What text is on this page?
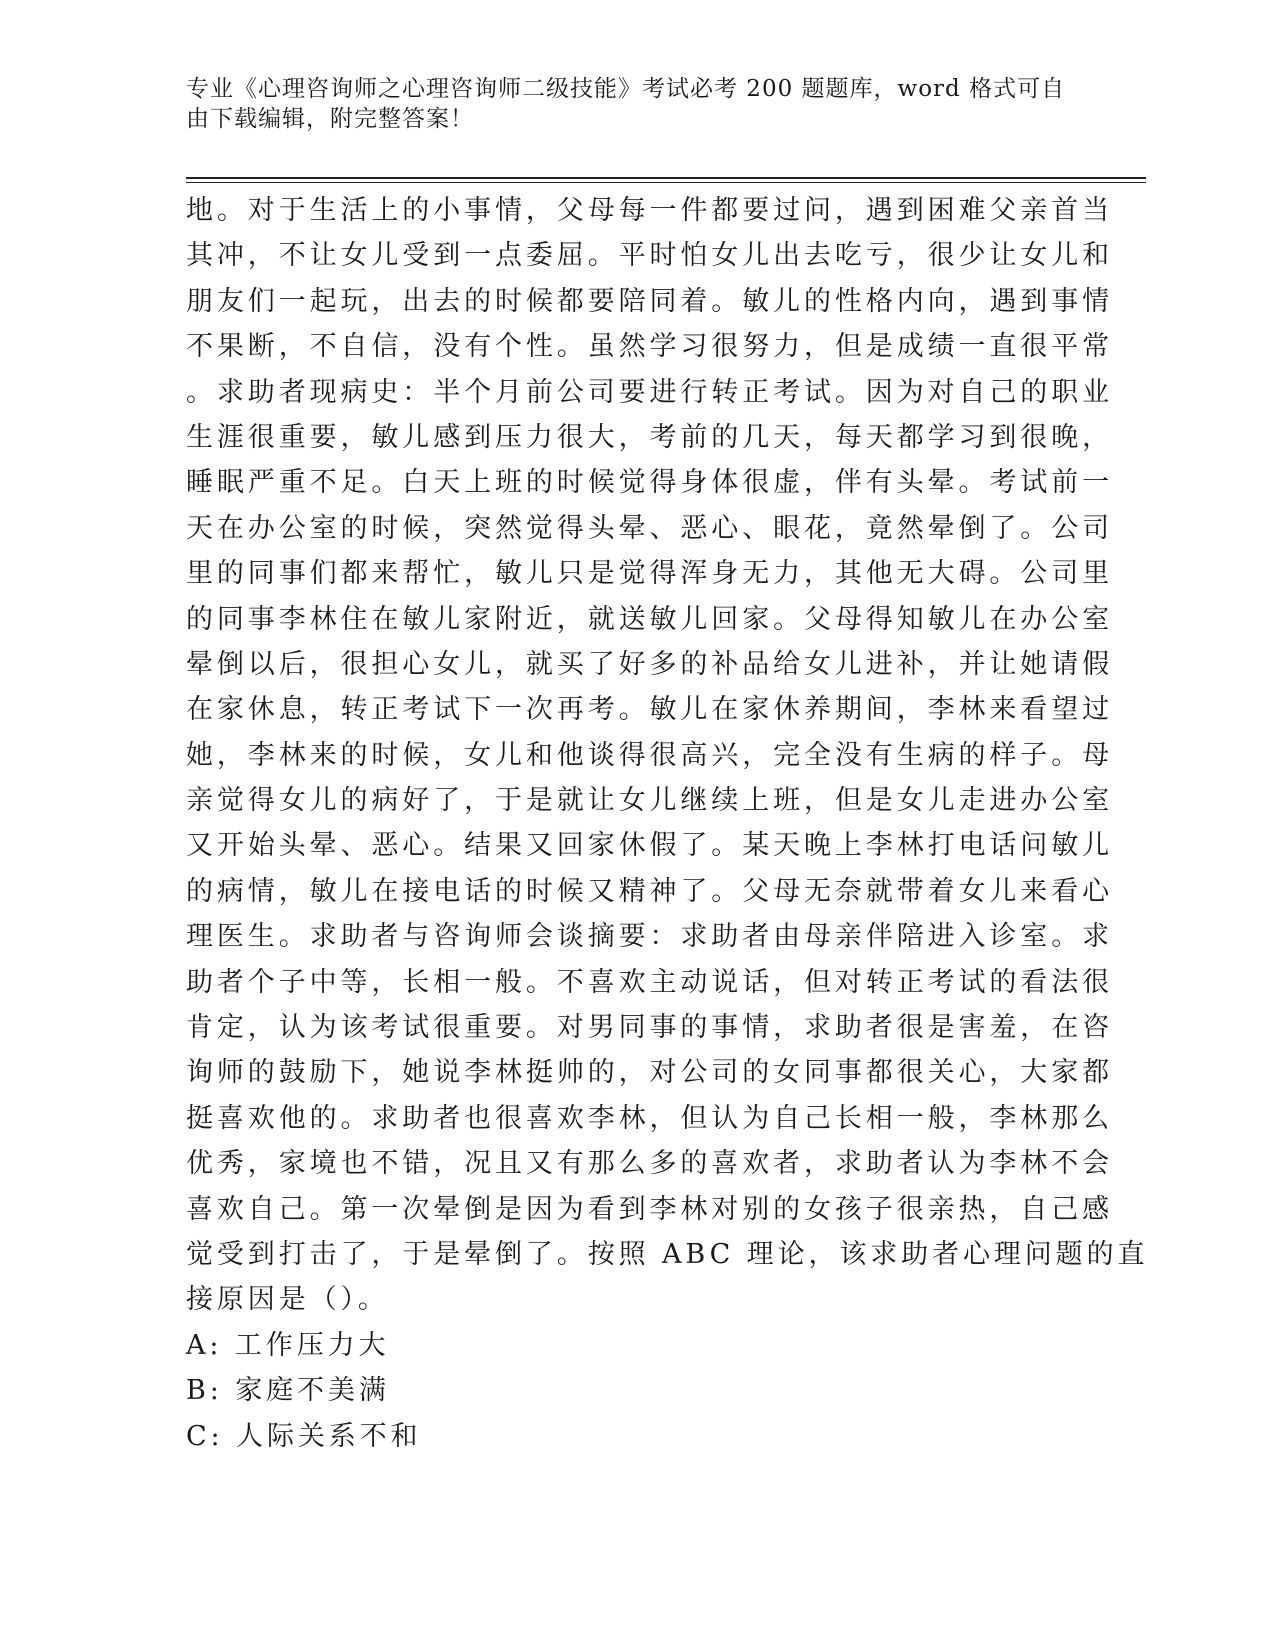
专业《心理咨询师之心理咨询师二级技能》考试必考 200 题题库，word 格式可自
由下载编辑，附完整答案！
地。对于生活上的小事情，父母每一件都要过问，遇到困难父亲首当
其冲，不让女儿受到一点委屈。平时怕女儿出去吃亏，很少让女儿和
朋友们一起玩，出去的时候都要陪同着。敏儿的性格内向，遇到事情
不果断，不自信，没有个性。虽然学习很努力，但是成绩一直很平常
。求助者现病史：半个月前公司要进行转正考试。因为对自己的职业
生涯很重要，敏儿感到压力很大，考前的几天，每天都学习到很晚，
睡眠严重不足。白天上班的时候觉得身体很虚，伴有头晕。考试前一
天在办公室的时候，突然觉得头晕、恶心、眼花，竟然晕倒了。公司
里的同事们都来帮忙，敏儿只是觉得浑身无力，其他无大碍。公司里
的同事李林住在敏儿家附近，就送敏儿回家。父母得知敏儿在办公室
晕倒以后，很担心女儿，就买了好多的补品给女儿进补，并让她请假
在家休息，转正考试下一次再考。敏儿在家休养期间，李林来看望过
她，李林来的时候，女儿和他谈得很高兴，完全没有生病的样子。母
亲觉得女儿的病好了，于是就让女儿继续上班，但是女儿走进办公室
又开始头晕、恶心。结果又回家休假了。某天晚上李林打电话问敏儿
的病情，敏儿在接电话的时候又精神了。父母无奈就带着女儿来看心
理医生。求助者与咨询师会谈摘要：求助者由母亲伴陪进入诊室。求
助者个子中等，长相一般。不喜欢主动说话，但对转正考试的看法很
肯定，认为该考试很重要。对男同事的事情，求助者很是害羞，在咨
询师的鼓励下，她说李林挺帅的，对公司的女同事都很关心，大家都
挺喜欢他的。求助者也很喜欢李林，但认为自己长相一般，李林那么
优秀，家境也不错，况且又有那么多的喜欢者，求助者认为李林不会
喜欢自己。第一次晕倒是因为看到李林对别的女孩子很亲热，自己感
觉受到打击了，于是晕倒了。按照 ABC 理论，该求助者心理问题的直
接原因是（）。
A: 工作压力大
B: 家庭不美满
C: 人际关系不和
